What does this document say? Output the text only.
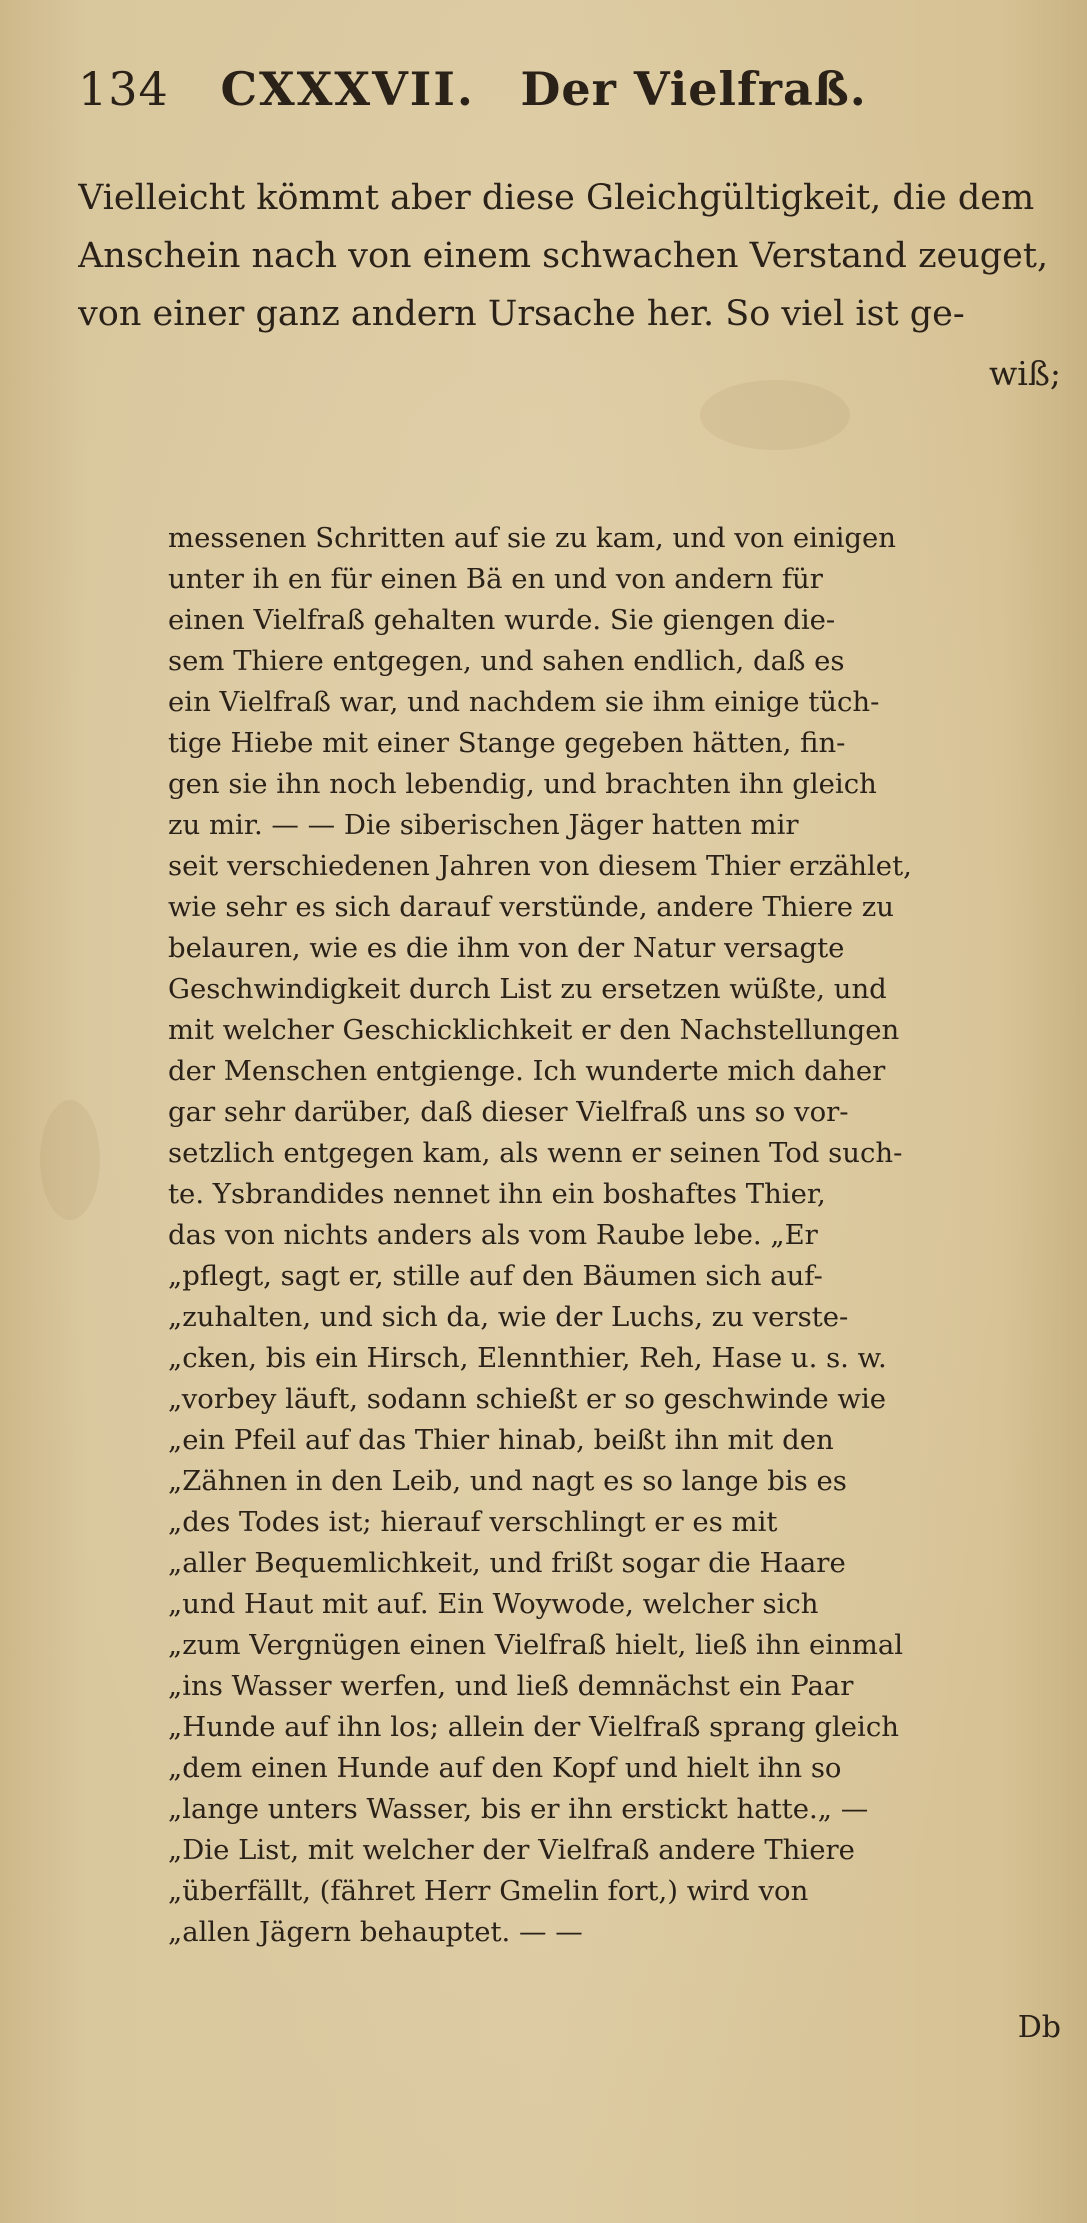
134 CXXXVII. Der Vielfraß.
Vielleicht kömmt aber diese Gleichgültigkeit, die dem
Anschein nach von einem schwachen Verstand zeuget,
von einer ganz andern Ursache her. So viel ist ge-
wiß;
messenen Schritten auf sie zu kam, und von einigen
unter ih en für einen Bä en und von andern für
einen Vielfraß gehalten wurde. Sie giengen die-
sem Thiere entgegen, und sahen endlich, daß es
ein Vielfraß war, und nachdem sie ihm einige tüch-
tige Hiebe mit einer Stange gegeben hätten, fin-
gen sie ihn noch lebendig, und brachten ihn gleich
zu mir. — — Die siberischen Jäger hatten mir
seit verschiedenen Jahren von diesem Thier erzählet,
wie sehr es sich darauf verstünde, andere Thiere zu
belauren, wie es die ihm von der Natur versagte
Geschwindigkeit durch List zu ersetzen wüßte, und
mit welcher Geschicklichkeit er den Nachstellungen
der Menschen entgienge. Ich wunderte mich daher
gar sehr darüber, daß dieser Vielfraß uns so vor-
setzlich entgegen kam, als wenn er seinen Tod such-
te. Ysbrandides nennet ihn ein boshaftes Thier,
das von nichts anders als vom Raube lebe. „Er
„pflegt, sagt er, stille auf den Bäumen sich auf-
„zuhalten, und sich da, wie der Luchs, zu verste-
„cken, bis ein Hirsch, Elennthier, Reh, Hase u. s. w.
„vorbey läuft, sodann schießt er so geschwinde wie
„ein Pfeil auf das Thier hinab, beißt ihn mit den
„Zähnen in den Leib, und nagt es so lange bis es
„des Todes ist; hierauf verschlingt er es mit
„aller Bequemlichkeit, und frißt sogar die Haare
„und Haut mit auf. Ein Woywode, welcher sich
„zum Vergnügen einen Vielfraß hielt, ließ ihn einmal
„ins Wasser werfen, und ließ demnächst ein Paar
„Hunde auf ihn los; allein der Vielfraß sprang gleich
„dem einen Hunde auf den Kopf und hielt ihn so
„lange unters Wasser, bis er ihn erstickt hatte.„ —
„Die List, mit welcher der Vielfraß andere Thiere
„überfällt, (fähret Herr Gmelin fort,) wird von
„allen Jägern behauptet. — —
Db
